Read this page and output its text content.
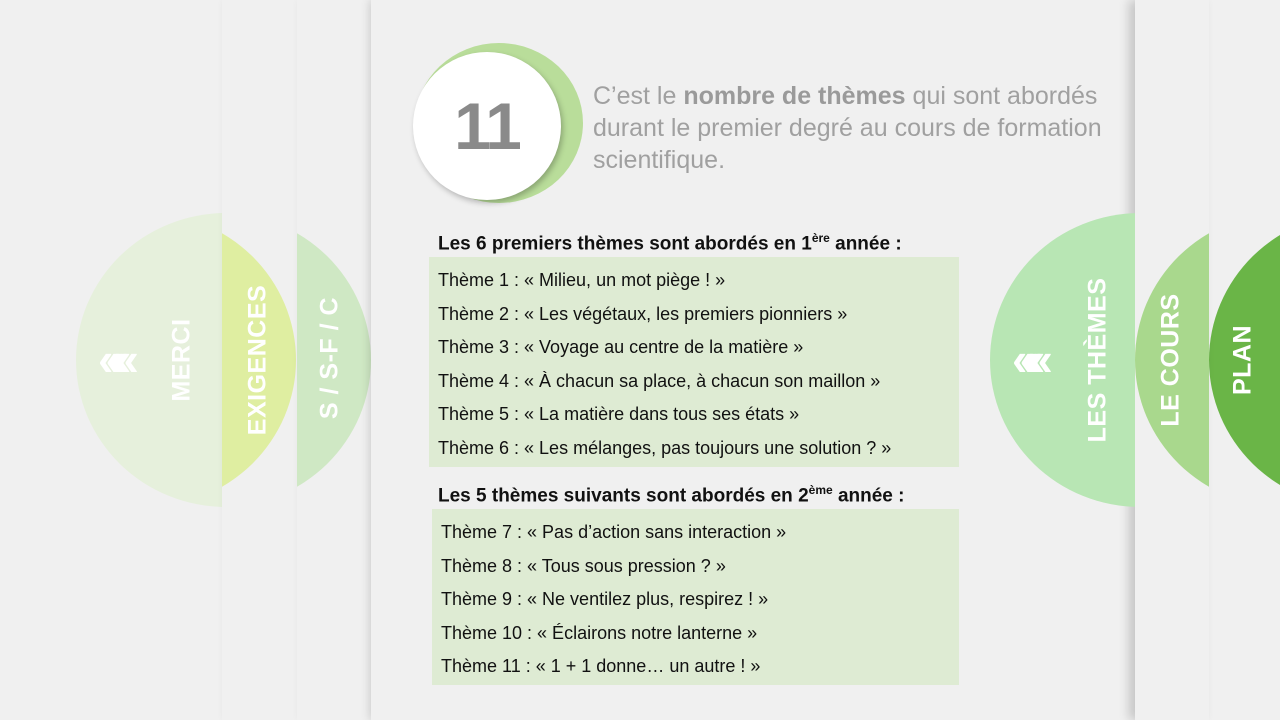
««« MERCI EXIGENCES S / S-F / C	PLAN
LE COURS
««« LES THÈMES
11	C’est le nombre de thèmes qui sont abordés durant le premier degré au cours de formation scientifique.
Les 6 premiers thèmes sont abordés en 1ère année :
Thème 1 : « Milieu, un mot piège ! »
Thème 2 : « Les végétaux, les premiers pionniers »
Thème 3 : « Voyage au centre de la matière »
Thème 4 : « À chacun sa place, à chacun son maillon »
Thème 5 : « La matière dans tous ses états »
Thème 6 : « Les mélanges, pas toujours une solution ? »
Les 5 thèmes suivants sont abordés en 2ème année :
Thème 7 : « Pas d’action sans interaction »
Thème 8 : « Tous sous pression ? »
Thème 9 : « Ne ventilez plus, respirez ! »
Thème 10 : « Éclairons notre lanterne »
Thème 11 : « 1 + 1 donne… un autre ! »
